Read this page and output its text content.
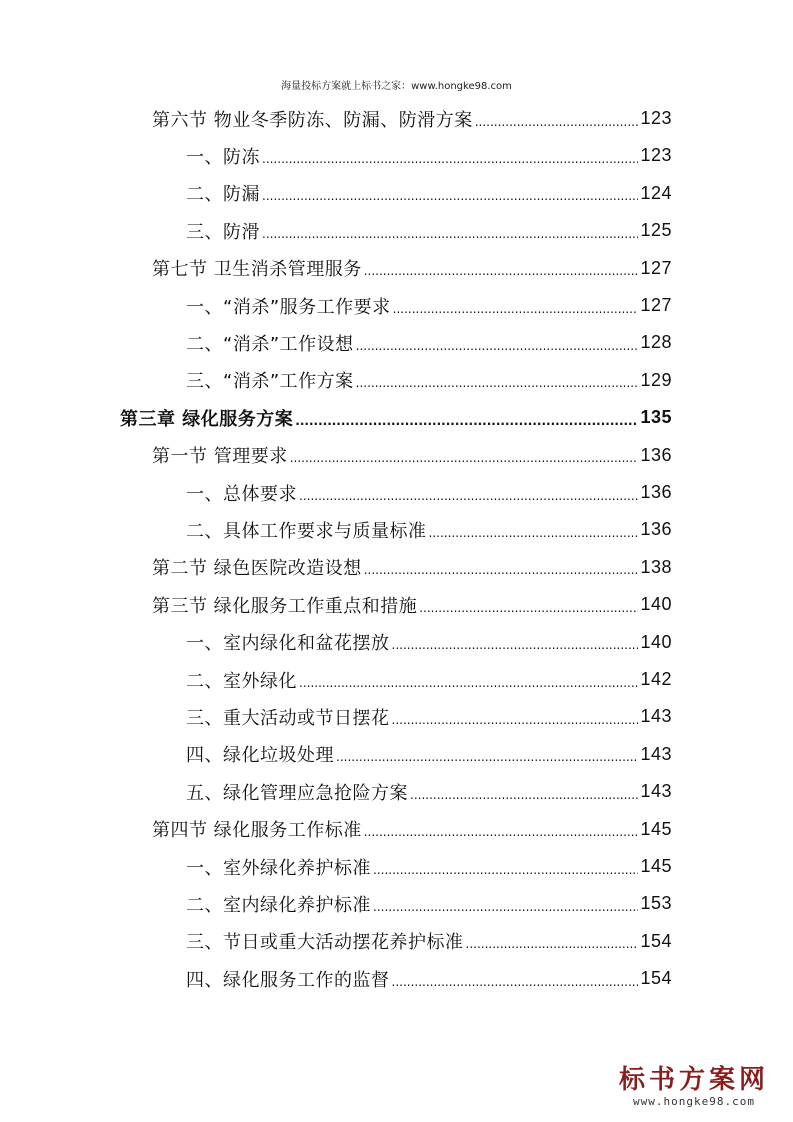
海量投标方案就上标书之家：www.hongke98.com
第六节 物业冬季防冻、防漏、防滑方案 .....	123
一、防冻 .....	123
二、防漏 .....	124
三、防滑 .....	125
第七节 卫生消杀管理服务 .....	127
一、“消杀”服务工作要求 .....	127
二、“消杀”工作设想 .....	128
三、“消杀”工作方案 .....	129
第三章 绿化服务方案 .....	135
第一节 管理要求 .....	136
一、总体要求 .....	136
二、具体工作要求与质量标准 .....	136
第二节 绿色医院改造设想 .....	138
第三节 绿化服务工作重点和措施 .....	140
一、室内绿化和盆花摆放 .....	140
二、室外绿化 .....	142
三、重大活动或节日摆花 .....	143
四、绿化垃圾处理 .....	143
五、绿化管理应急抢险方案 .....	143
第四节 绿化服务工作标准 .....	145
一、室外绿化养护标准 .....	145
二、室内绿化养护标准 .....	153
三、节日或重大活动摆花养护标准 .....	154
四、绿化服务工作的监督 .....	154
标书方案网
www.hongke98.com
